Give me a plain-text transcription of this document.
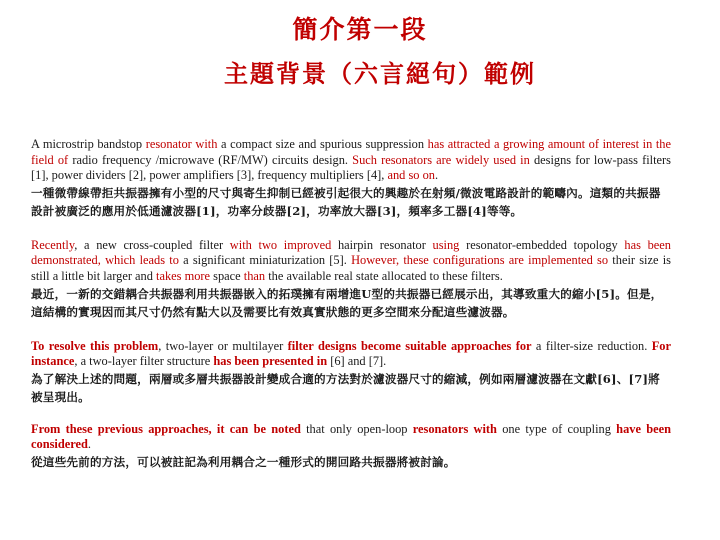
簡介第一段
主題背景（六言絕句）範例

A microstrip bandstop resonator with a compact size and spurious suppression has attracted a growing amount of interest in the field of radio frequency /microwave (RF/MW) circuits design. Such resonators are widely used in designs for low-pass filters [1], power dividers [2], power amplifiers [3], frequency multipliers [4], and so on.

一種微帶線帶拒共振器擁有小型的尺寸與寄生抑制已經被引起很大的興趣於在射頻/微波電路設計的範疇內。這類的共振器設計被廣泛的應用於低通濾波器[1]，功率分歧器[2]，功率放大器[3]，頻率多工器[4]等等。

Recently, a new cross-coupled filter with two improved hairpin resonator using resonator-embedded topology has been demonstrated, which leads to a significant miniaturization [5]. However, these configurations are implemented so their size is still a little bit larger and takes more space than the available real state allocated to these filters.

最近，一新的交錯耦合共振器利用共振器嵌入的拓璞擁有兩增進U型的共振器已經展示出，其導致重大的縮小[5]。但是，這結構的實現因而其尺寸仍然有點大以及需要比有效真實狀態的更多空間來分配這些濾波器。

To resolve this problem, two-layer or multilayer filter designs become suitable approaches for a filter-size reduction. For instance, a two-layer filter structure has been presented in [6] and [7].

為了解決上述的問題，兩層或多層共振器設計變成合適的方法對於濾波器尺寸的縮減，例如兩層濾波器在文獻[6]、[7]將被呈現出。

From these previous approaches, it can be noted that only open-loop resonators with one type of coupling have been considered.

從這些先前的方法，可以被註記為利用耦合之一種形式的開回路共振器將被討論。
